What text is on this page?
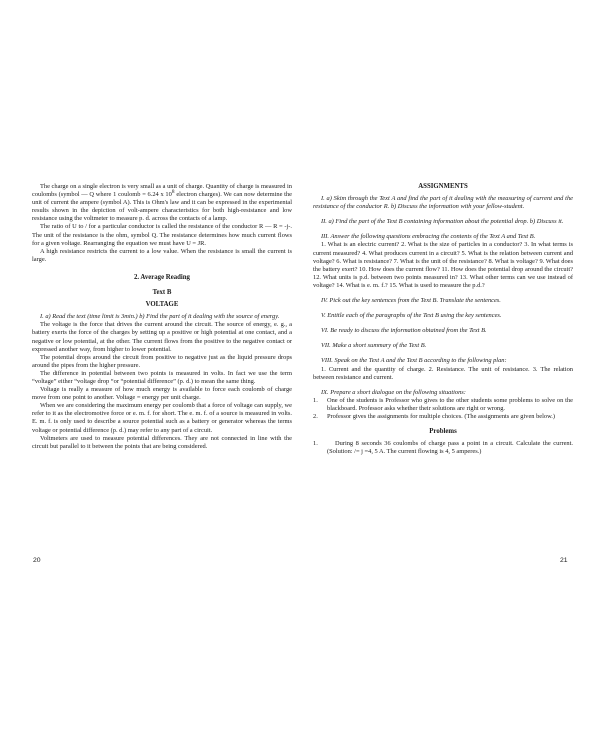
The charge on a single electron is very small as a unit of charge. Quantity of charge is measured in coulombs (symbol — Q where 1 coulomb = 6.24 x 108 electron charges). We can now determine the unit of current the ampere (symbol A). This is Ohm's law and it can be expressed in the experimental results shown in the depiction of volt-ampere characteristics for both high-resistance and low resistance using the voltmeter to measure p. d. across the contacts of a lamp.

The ratio of U to / for a particular conductor is called the resistance of the conductor R — R = -j-. The unit of the resistance is the ohm, symbol Q. The resistance determines how much current flows for a given voltage. Rearranging the equation we must have U = JR.

A high resistance restricts the current to a low value. When the resistance is small the current is large.

2. Average Reading

Text B

VOLTAGE

I. a) Read the text (time limit is 3min.) b) Find the part of it dealing with the source of energy.

The voltage is the force that drives the current around the circuit. The source of energy, e. g., a battery exerts the force of the charges by setting up a positive or high potential at one contact, and a negative or low potential, at the other. The current flows from the positive to the negative contact or expressed another way, from higher to lower potential.

The potential drops around the circuit from positive to negative just as the liquid pressure drops around the pipes from the higher pressure.

The difference in potential between two points is measured in volts. In fact we use the term “voltage” either “voltage drop “or “potential difference” (p. d.) to mean the same thing.

Voltage is really a measure of how much energy is available to force each coulomb of charge move from one point to another. Voltage = energy per unit charge.

When we are considering the maximum energy per coulomb that a force of voltage can supply, we refer to it as the electromotive force or e. m. f. for short. The e. m. f. of a source is measured in volts. E. m. f. is only used to describe a source potential such as a battery or generator whereas the terms voltage or potential difference (p. d.) may refer to any part of a circuit.

Voltmeters are used to measure potential differences. They are not connected in line with the circuit but parallel to it between the points that are being considered.

ASSIGNMENTS

I. a) Skim through the Text A and find the part of it dealing with the measuring of current and the resistance of the conductor R. b) Discuss the information with your fellow-student.

II. a) Find the part of the Text B containing information about the potential drop. b) Discuss it.

III. Answer the following questions embracing the contents of the Text A and Text B.

1. What is an electric current? 2. What is the size of particles in a conductor? 3. In what terms is current measured? 4. What produces current in a circuit? 5. What is the relation between current and voltage? 6. What is resistance? 7. What is the unit of the resistance? 8. What is voltage? 9. What does the battery exert? 10. How does the current flow? 11. How does the potential drop around the circuit? 12. What units is p.d. between two points measured in? 13. What other terms can we use instead of voltage? 14. What is e. m. f.? 15. What is used to measure the p.d.?

IV. Pick out the key sentences from the Text B. Translate the sentences.

V. Entitle each of the paragraphs of the Text B using the key sentences.

VI. Be ready to discuss the information obtained from the Text B.

VII. Make a short summary of the Text B.

VIII. Speak on the Text A and the Text B according to the following plan:

1. Current and the quantity of charge. 2. Resistance. The unit of resistance. 3. The relation between resistance and current.

IX. Prepare a short dialogue on the following situations:

1.	One of the students is Professor who gives to the other students some problems to solve on the blackboard. Professor asks whether their solutions are right or wrong.
2.	Professor gives the assignments for multiple choices. (The assignments are given below.)

Problems

1.	During 8 seconds 36 coulombs of charge pass a point in a circuit. Calculate the current. (Solution: /= j =4, 5 A. The current flowing is 4, 5 amperes.)
20	21
